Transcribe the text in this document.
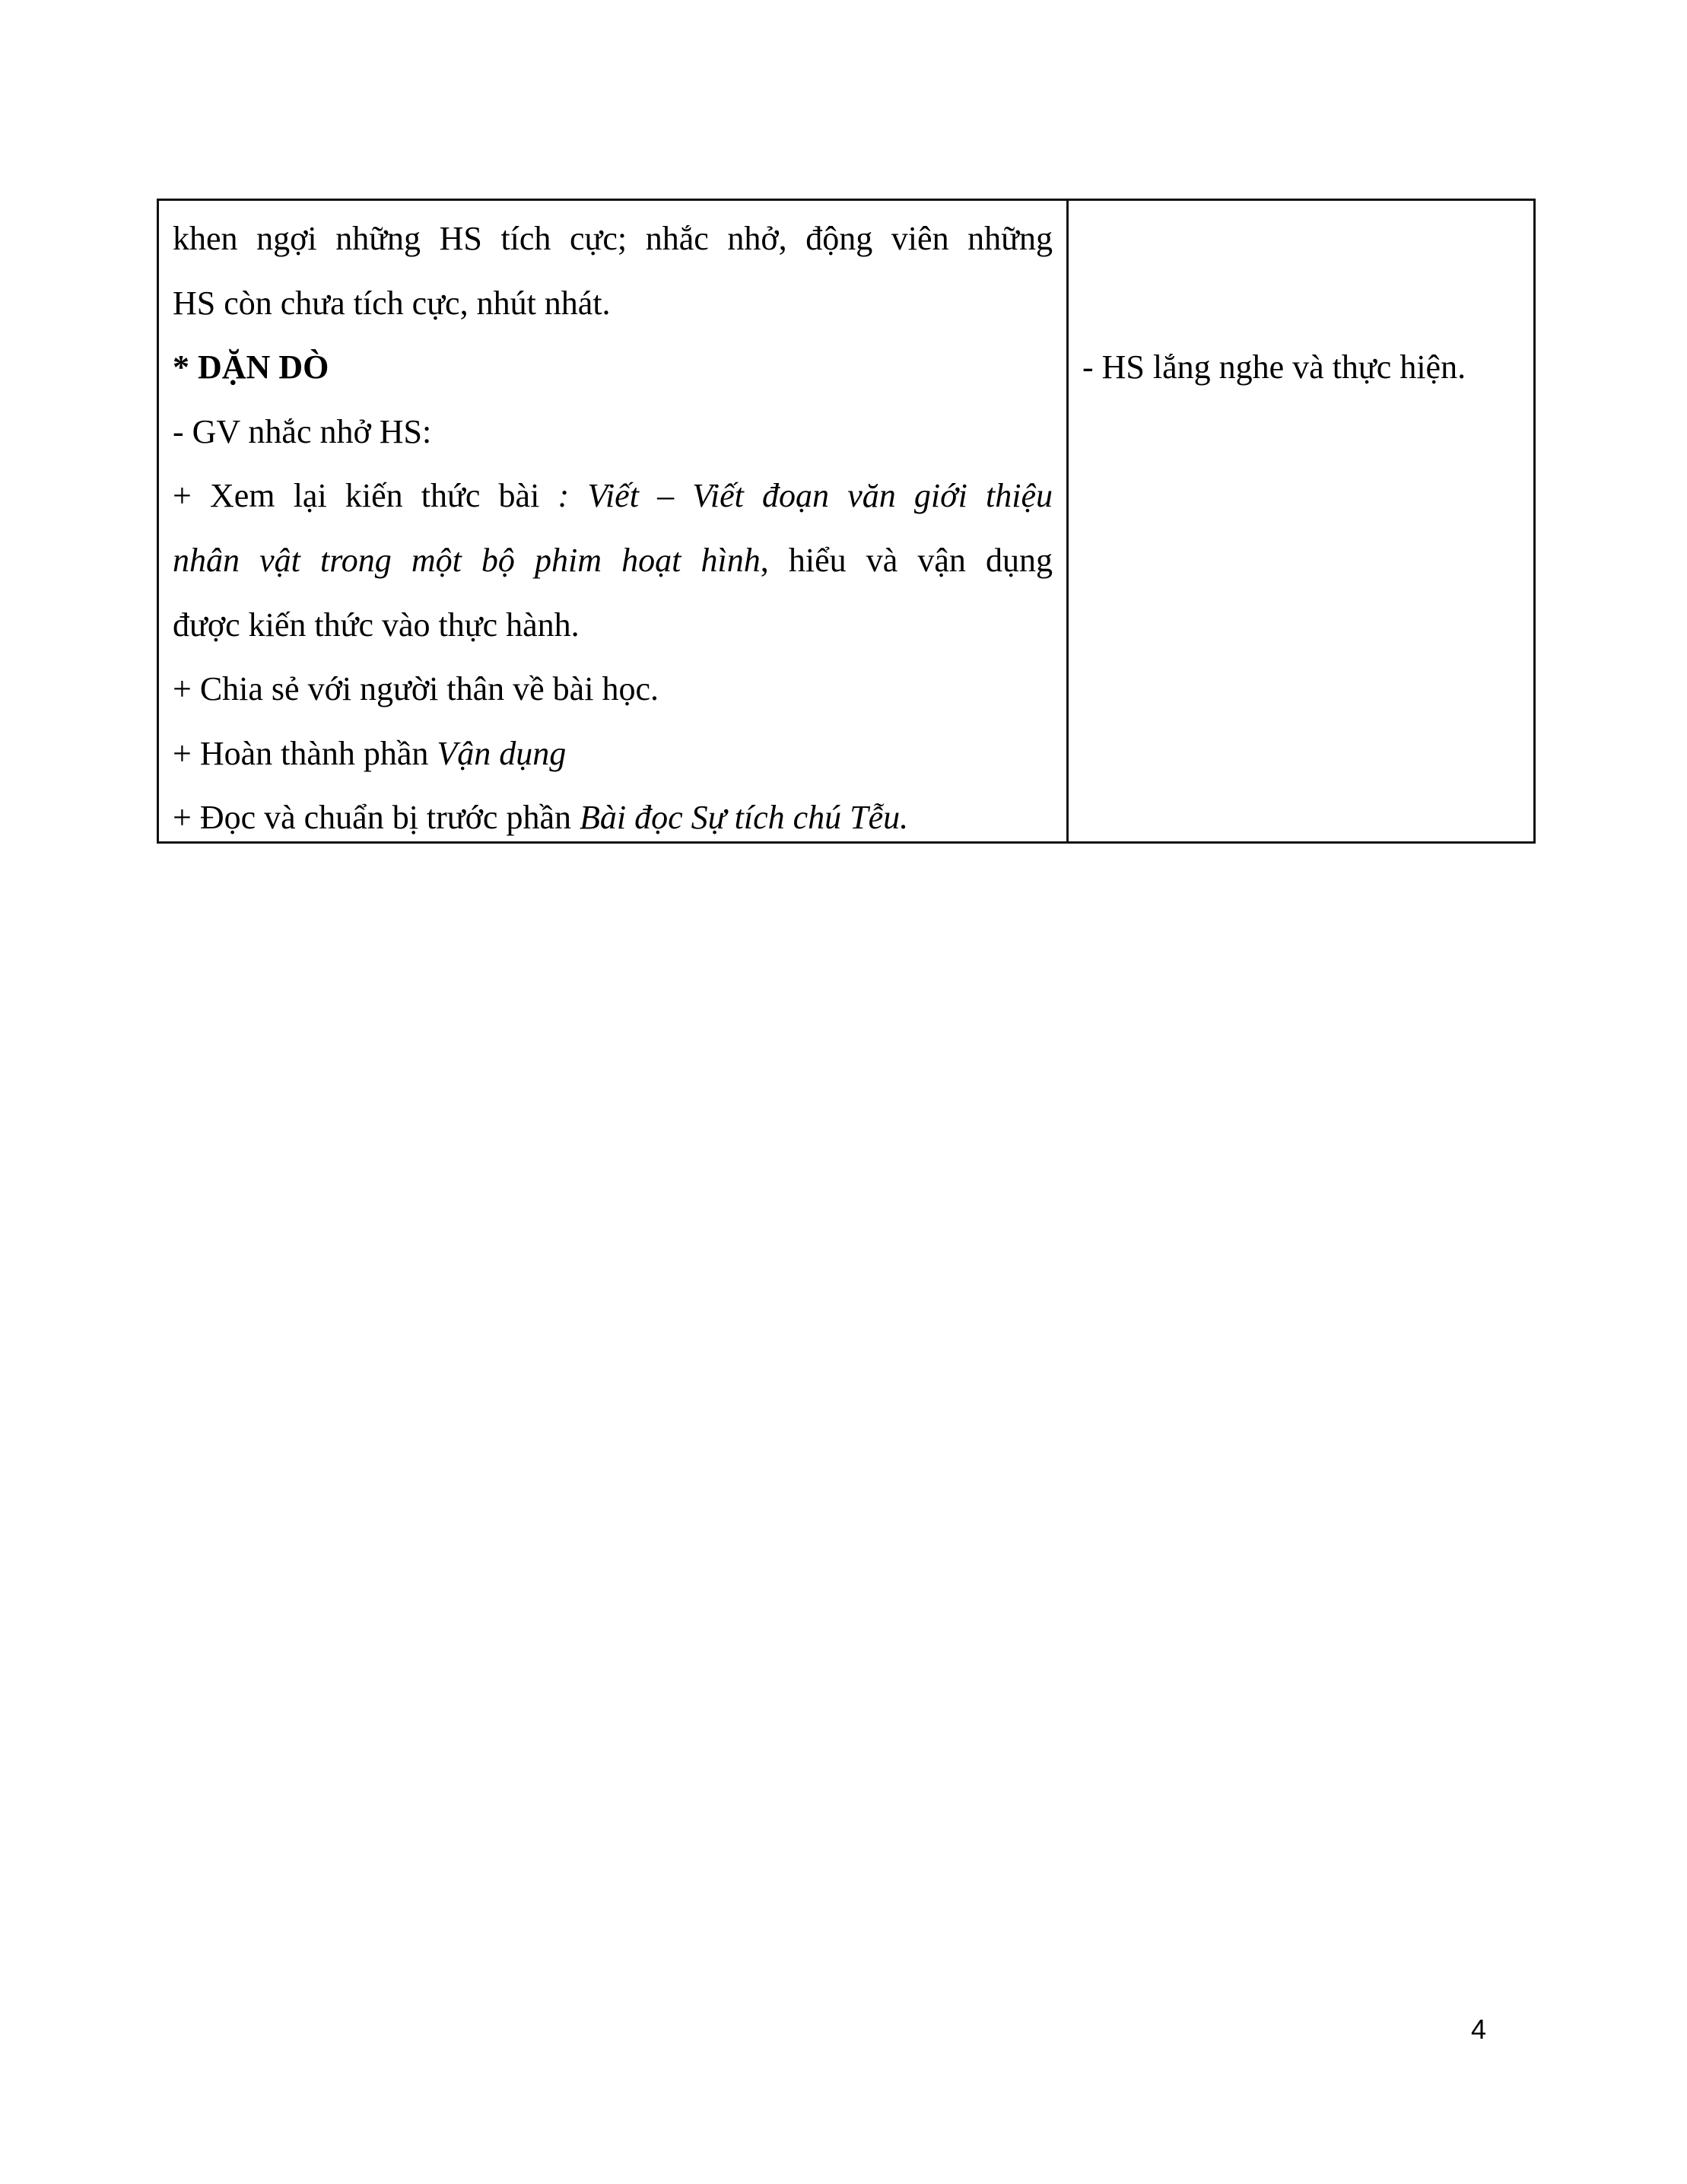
khen ngợi những HS tích cực; nhắc nhở, động viên những
HS còn chưa tích cực, nhút nhát.
* DẶN DÒ
- GV nhắc nhở HS:
+ Xem lại kiến thức bài : Viết – Viết đoạn văn giới thiệu
nhân vật trong một bộ phim hoạt hình, hiểu và vận dụng
được kiến thức vào thực hành.
+ Chia sẻ với người thân về bài học.
+ Hoàn thành phần Vận dụng
+ Đọc và chuẩn bị trước phần Bài đọc Sự tích chú Tễu.
- HS lắng nghe và thực hiện.
4
